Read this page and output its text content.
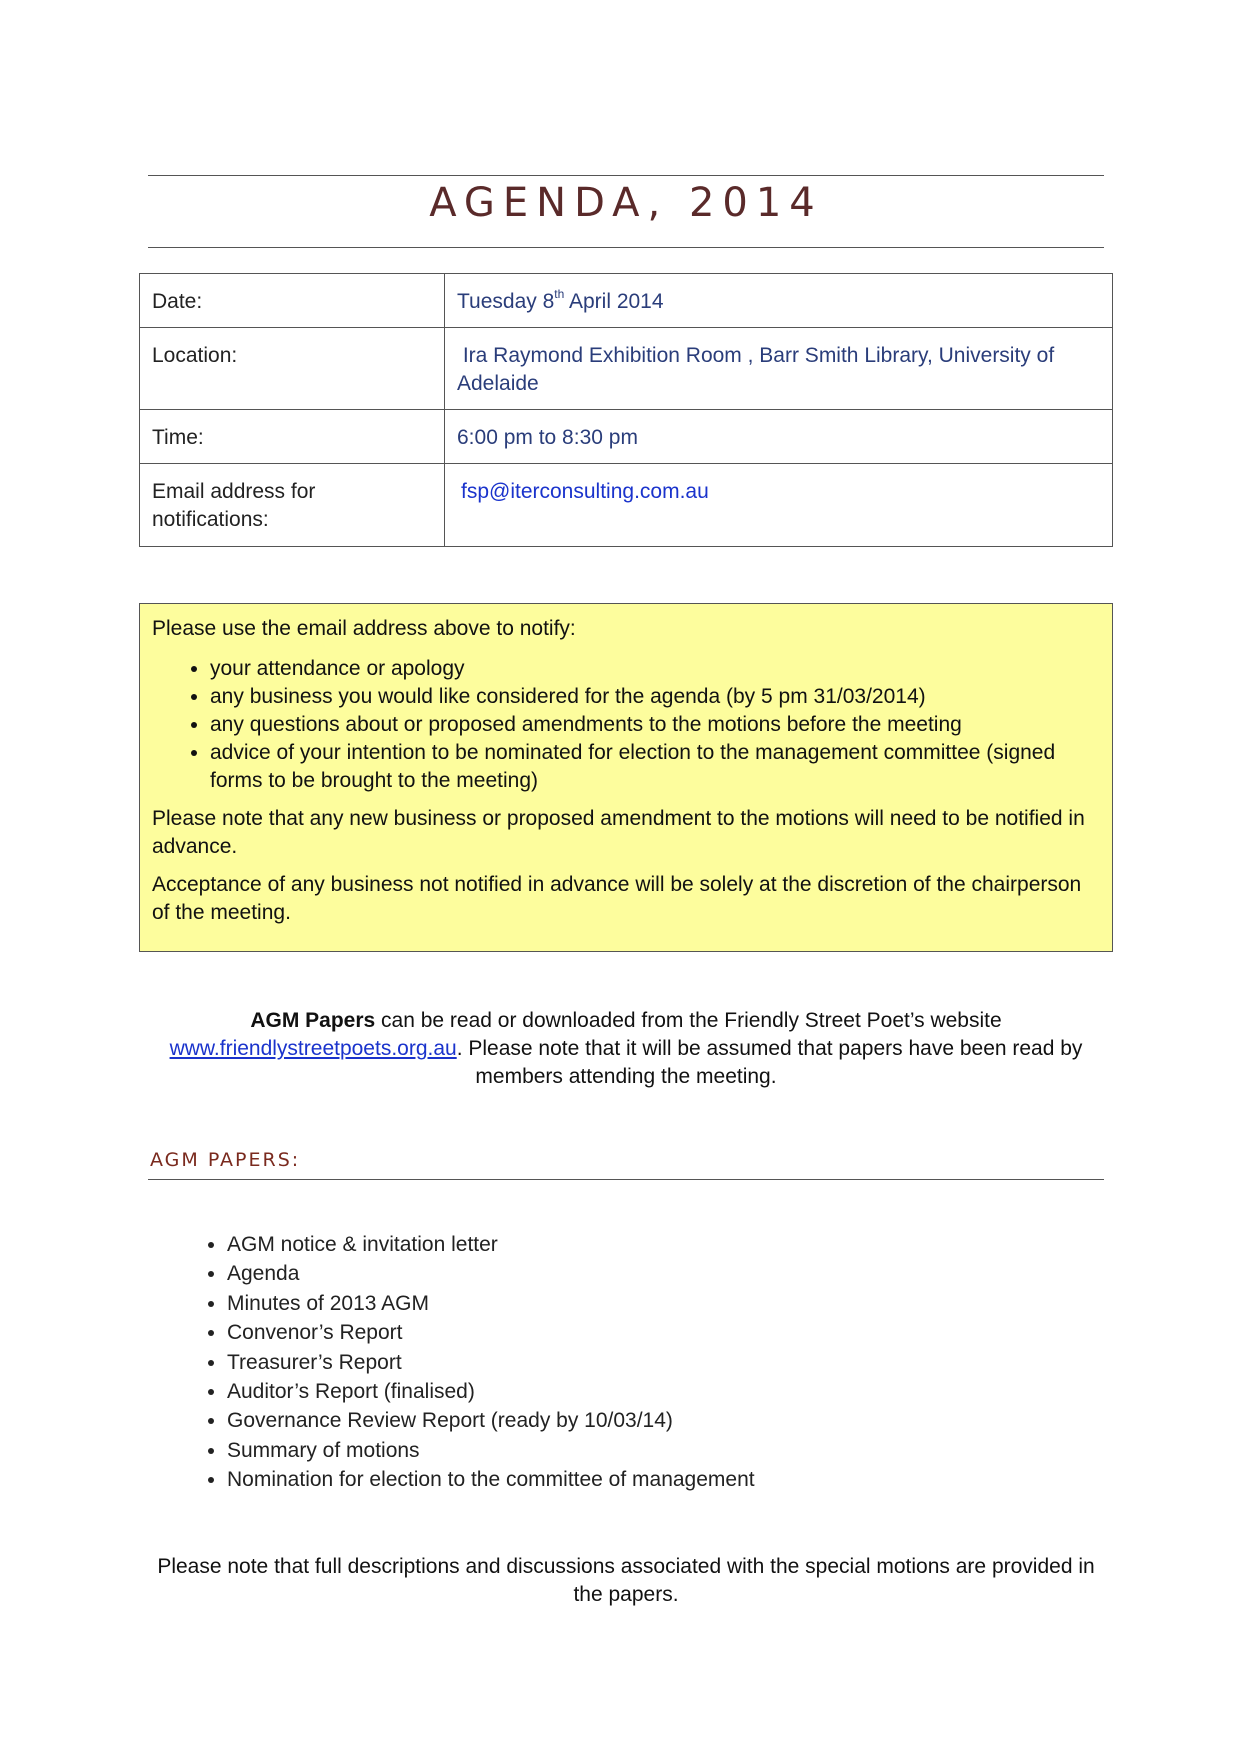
AGENDA, 2014
Date:	Tuesday 8th April 2014
Location:	Ira Raymond Exhibition Room , Barr Smith Library, University of Adelaide
Time:	6:00 pm to 8:30 pm
Email address for notifications:	fsp@iterconsulting.com.au

Please use the email address above to notify:

• your attendance or apology
• any business you would like considered for the agenda (by 5 pm 31/03/2014)
• any questions about or proposed amendments to the motions before the meeting
• advice of your intention to be nominated for election to the management committee (signed forms to be brought to the meeting)

Please note that any new business or proposed amendment to the motions will need to be notified in advance.

Acceptance of any business not notified in advance will be solely at the discretion of the chairperson of the meeting.

AGM Papers can be read or downloaded from the Friendly Street Poet’s website www.friendlystreetpoets.org.au. Please note that it will be assumed that papers have been read by members attending the meeting.
AGM PAPERS:
• AGM notice & invitation letter
• Agenda
• Minutes of 2013 AGM
• Convenor’s Report
• Treasurer’s Report
• Auditor’s Report (finalised)
• Governance Review Report (ready by 10/03/14)
• Summary of motions
• Nomination for election to the committee of management
Please note that full descriptions and discussions associated with the special motions are provided in the papers.
